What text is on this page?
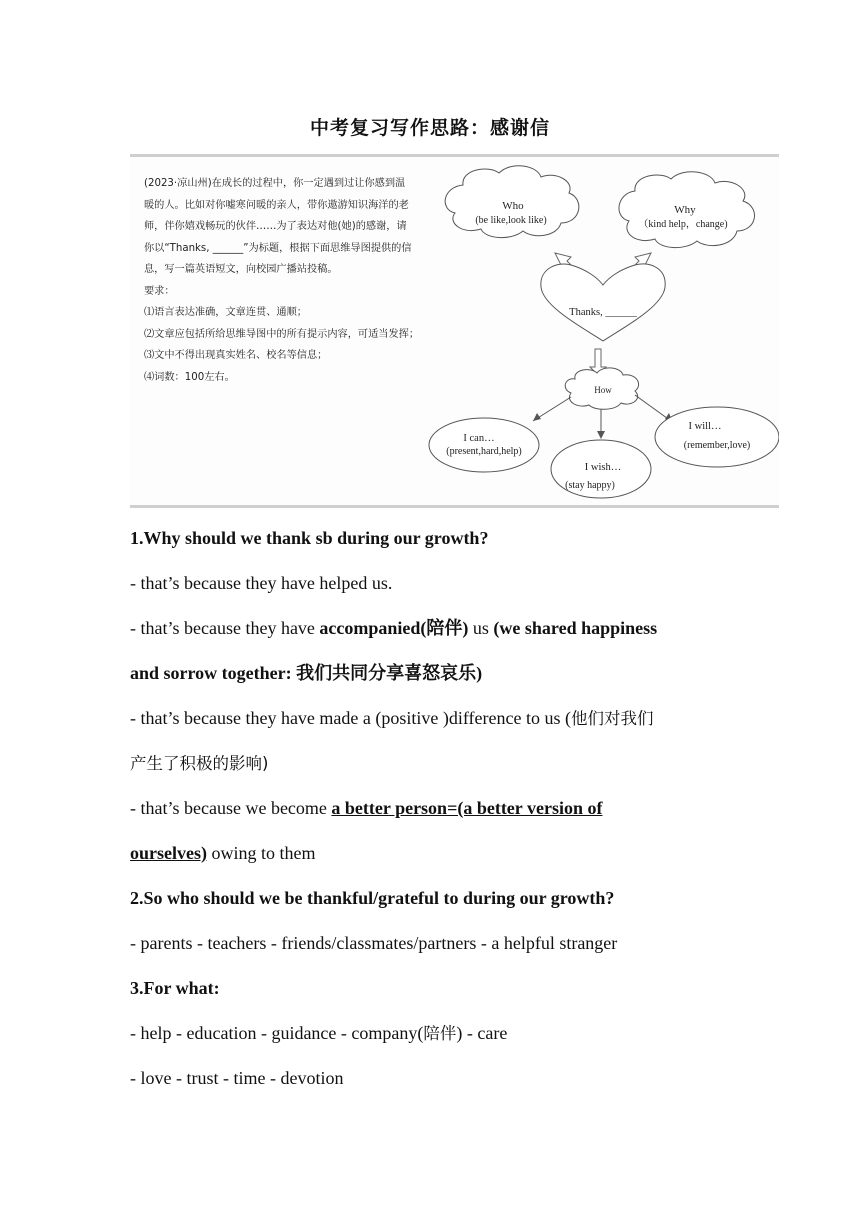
中考复习写作思路：感谢信
(2023·凉山州)在成长的过程中，你一定遇到过让你感到温
暖的人。比如对你嘘寒问暖的亲人，带你遨游知识海洋的老
师，伴你嬉戏畅玩的伙伴……为了表达对他(她)的感谢，请
你以“Thanks, ______”为标题，根据下面思维导图提供的信
息，写一篇英语短文，向校园广播站投稿。
要求：
⑴语言表达准确，文章连贯、通顺；
⑵文章应包括所给思维导图中的所有提示内容，可适当发挥；
⑶文中不得出现真实姓名、校名等信息；
⑷词数：100左右。
Who
(be like,look like)
Why
（kind help，change)
Thanks, ______
How
I can…
(present,hard,help)
I wish…
(stay happy)
I will…
(remember,love)
1.Why should we thank sb during our growth?
- that’s because they have helped us.
- that’s because they have accompanied(陪伴) us (we shared happiness
and sorrow together: 我们共同分享喜怒哀乐)
- that’s because they have made a (positive )difference to us (他们对我们
产生了积极的影响)
- that’s because we become a better person=(a better version of
ourselves) owing to them
2.So who should we be thankful/grateful to during our growth?
- parents - teachers - friends/classmates/partners - a helpful stranger
3.For what:
- help - education - guidance - company(陪伴) - care
- love - trust - time - devotion
